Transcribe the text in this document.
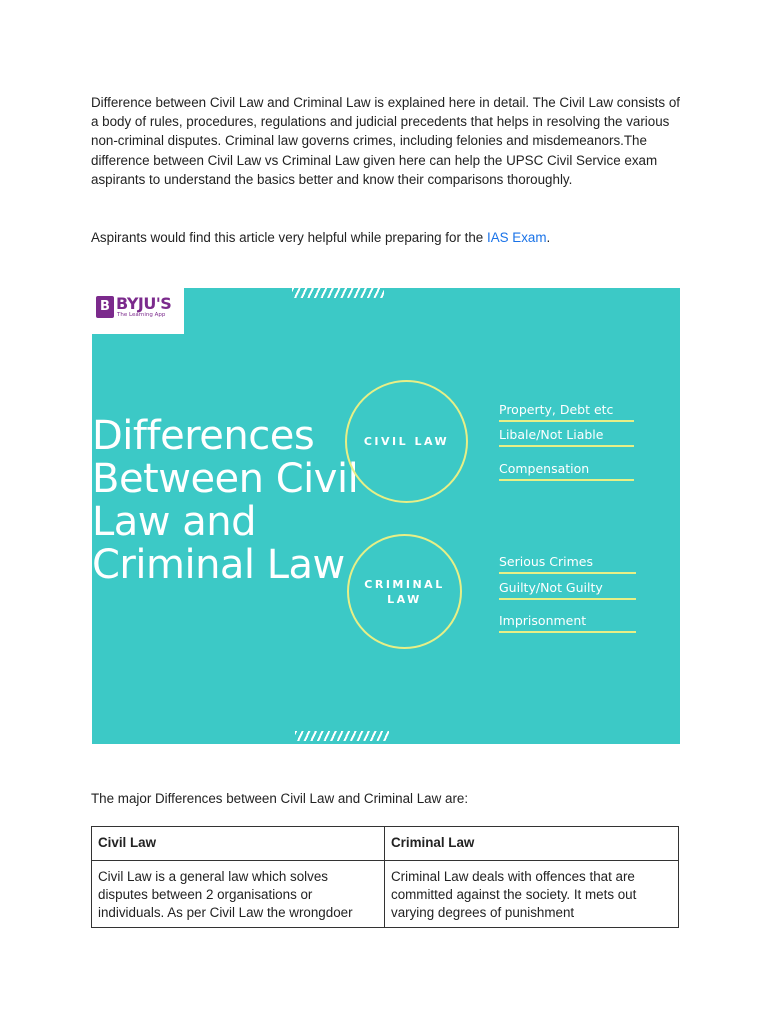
Difference between Civil Law and Criminal Law is explained here in detail. The Civil Law consists of a body of rules, procedures, regulations and judicial precedents that helps in resolving the various non-criminal disputes. Criminal law governs crimes, including felonies and misdemeanors.The difference between Civil Law vs Criminal Law given here can help the UPSC Civil Service exam aspirants to understand the basics better and know their comparisons thoroughly.

Aspirants would find this article very helpful while preparing for the IAS Exam.

B BYJU'S
The Learning App
Differences
Between Civil
Law and
Criminal Law
CIVIL LAW
CRIMINAL
LAW
Property, Debt etc
Libale/Not Liable
Compensation
Serious Crimes
Guilty/Not Guilty
Imprisonment

The major Differences between Civil Law and Criminal Law are:

Civil Law	Criminal Law
Civil Law is a general law which solves disputes between 2 organisations or individuals. As per Civil Law the wrongdoer	Criminal Law deals with offences that are committed against the society. It mets out varying degrees of punishment
